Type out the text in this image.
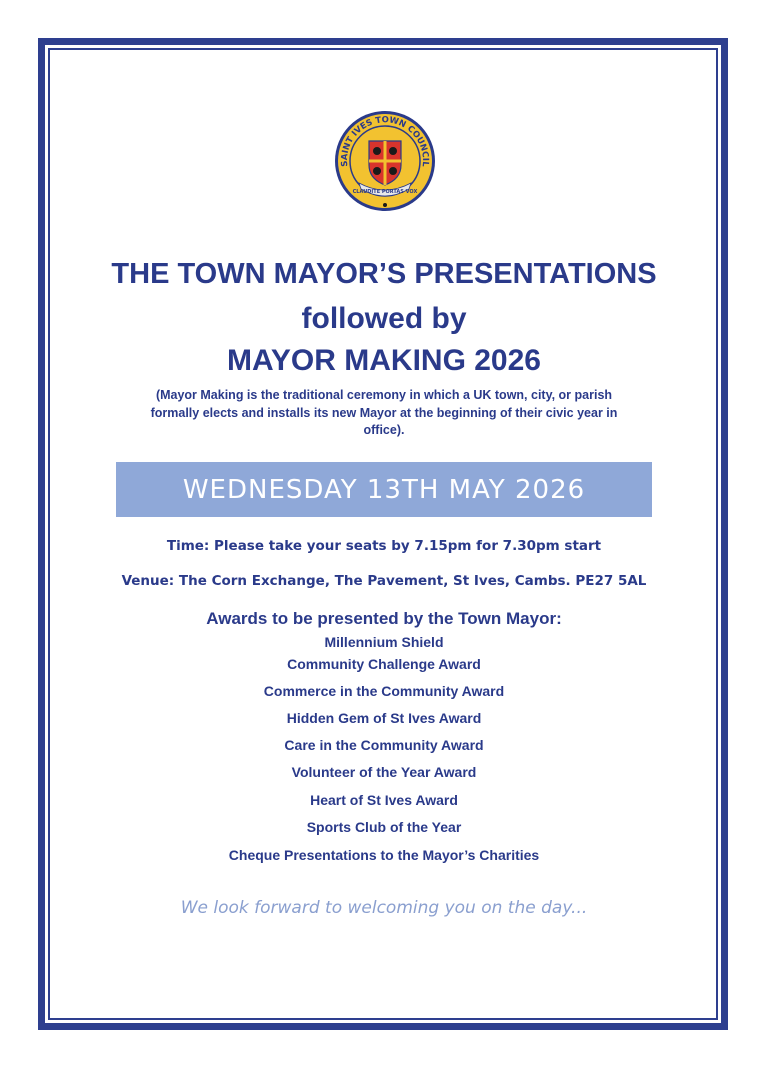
SAINT IVES TOWN COUNCIL
CLAUDITE PORTAS VOX
THE TOWN MAYOR’S PRESENTATIONS
followed by
MAYOR MAKING 2026
(Mayor Making is the traditional ceremony in which a UK town, city, or parish formally elects and installs its new Mayor at the beginning of their civic year in office).
WEDNESDAY 13TH MAY 2026
Time: Please take your seats by 7.15pm for 7.30pm start
Venue: The Corn Exchange, The Pavement, St Ives, Cambs. PE27 5AL
Awards to be presented by the Town Mayor:
Millennium Shield
Community Challenge Award
Commerce in the Community Award
Hidden Gem of St Ives Award
Care in the Community Award
Volunteer of the Year Award
Heart of St Ives Award
Sports Club of the Year
Cheque Presentations to the Mayor’s Charities
We look forward to welcoming you on the day...
